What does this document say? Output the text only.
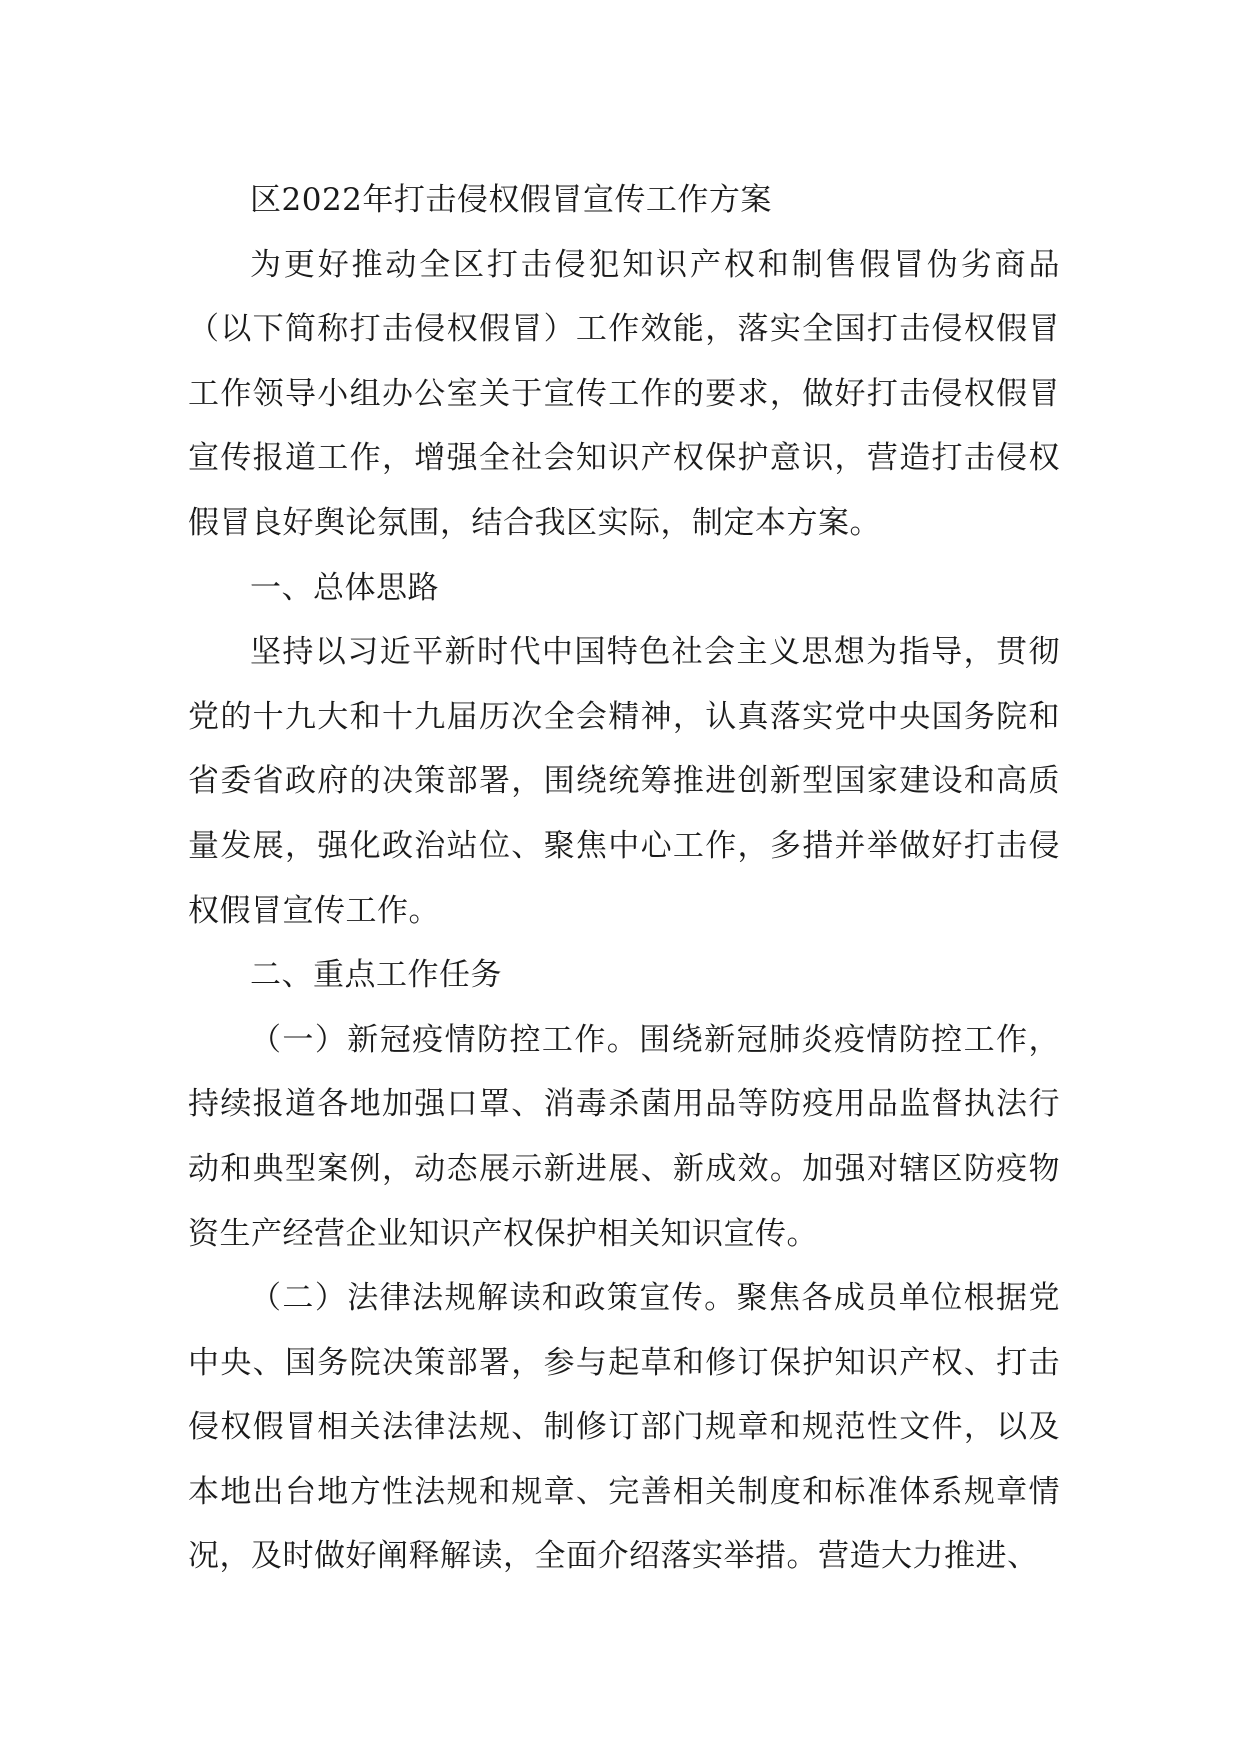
区2022年打击侵权假冒宣传工作方案

为更好推动全区打击侵犯知识产权和制售假冒伪劣商品（以下简称打击侵权假冒）工作效能，落实全国打击侵权假冒工作领导小组办公室关于宣传工作的要求，做好打击侵权假冒宣传报道工作，增强全社会知识产权保护意识，营造打击侵权假冒良好舆论氛围，结合我区实际，制定本方案。

一、总体思路

坚持以习近平新时代中国特色社会主义思想为指导，贯彻党的十九大和十九届历次全会精神，认真落实党中央国务院和省委省政府的决策部署，围绕统筹推进创新型国家建设和高质量发展，强化政治站位、聚焦中心工作，多措并举做好打击侵权假冒宣传工作。

二、重点工作任务

（一）新冠疫情防控工作。围绕新冠肺炎疫情防控工作，持续报道各地加强口罩、消毒杀菌用品等防疫用品监督执法行动和典型案例，动态展示新进展、新成效。加强对辖区防疫物资生产经营企业知识产权保护相关知识宣传。

（二）法律法规解读和政策宣传。聚焦各成员单位根据党中央、国务院决策部署，参与起草和修订保护知识产权、打击侵权假冒相关法律法规、制修订部门规章和规范性文件，以及本地出台地方性法规和规章、完善相关制度和标准体系规章情况，及时做好阐释解读，全面介绍落实举措。营造大力推进、
